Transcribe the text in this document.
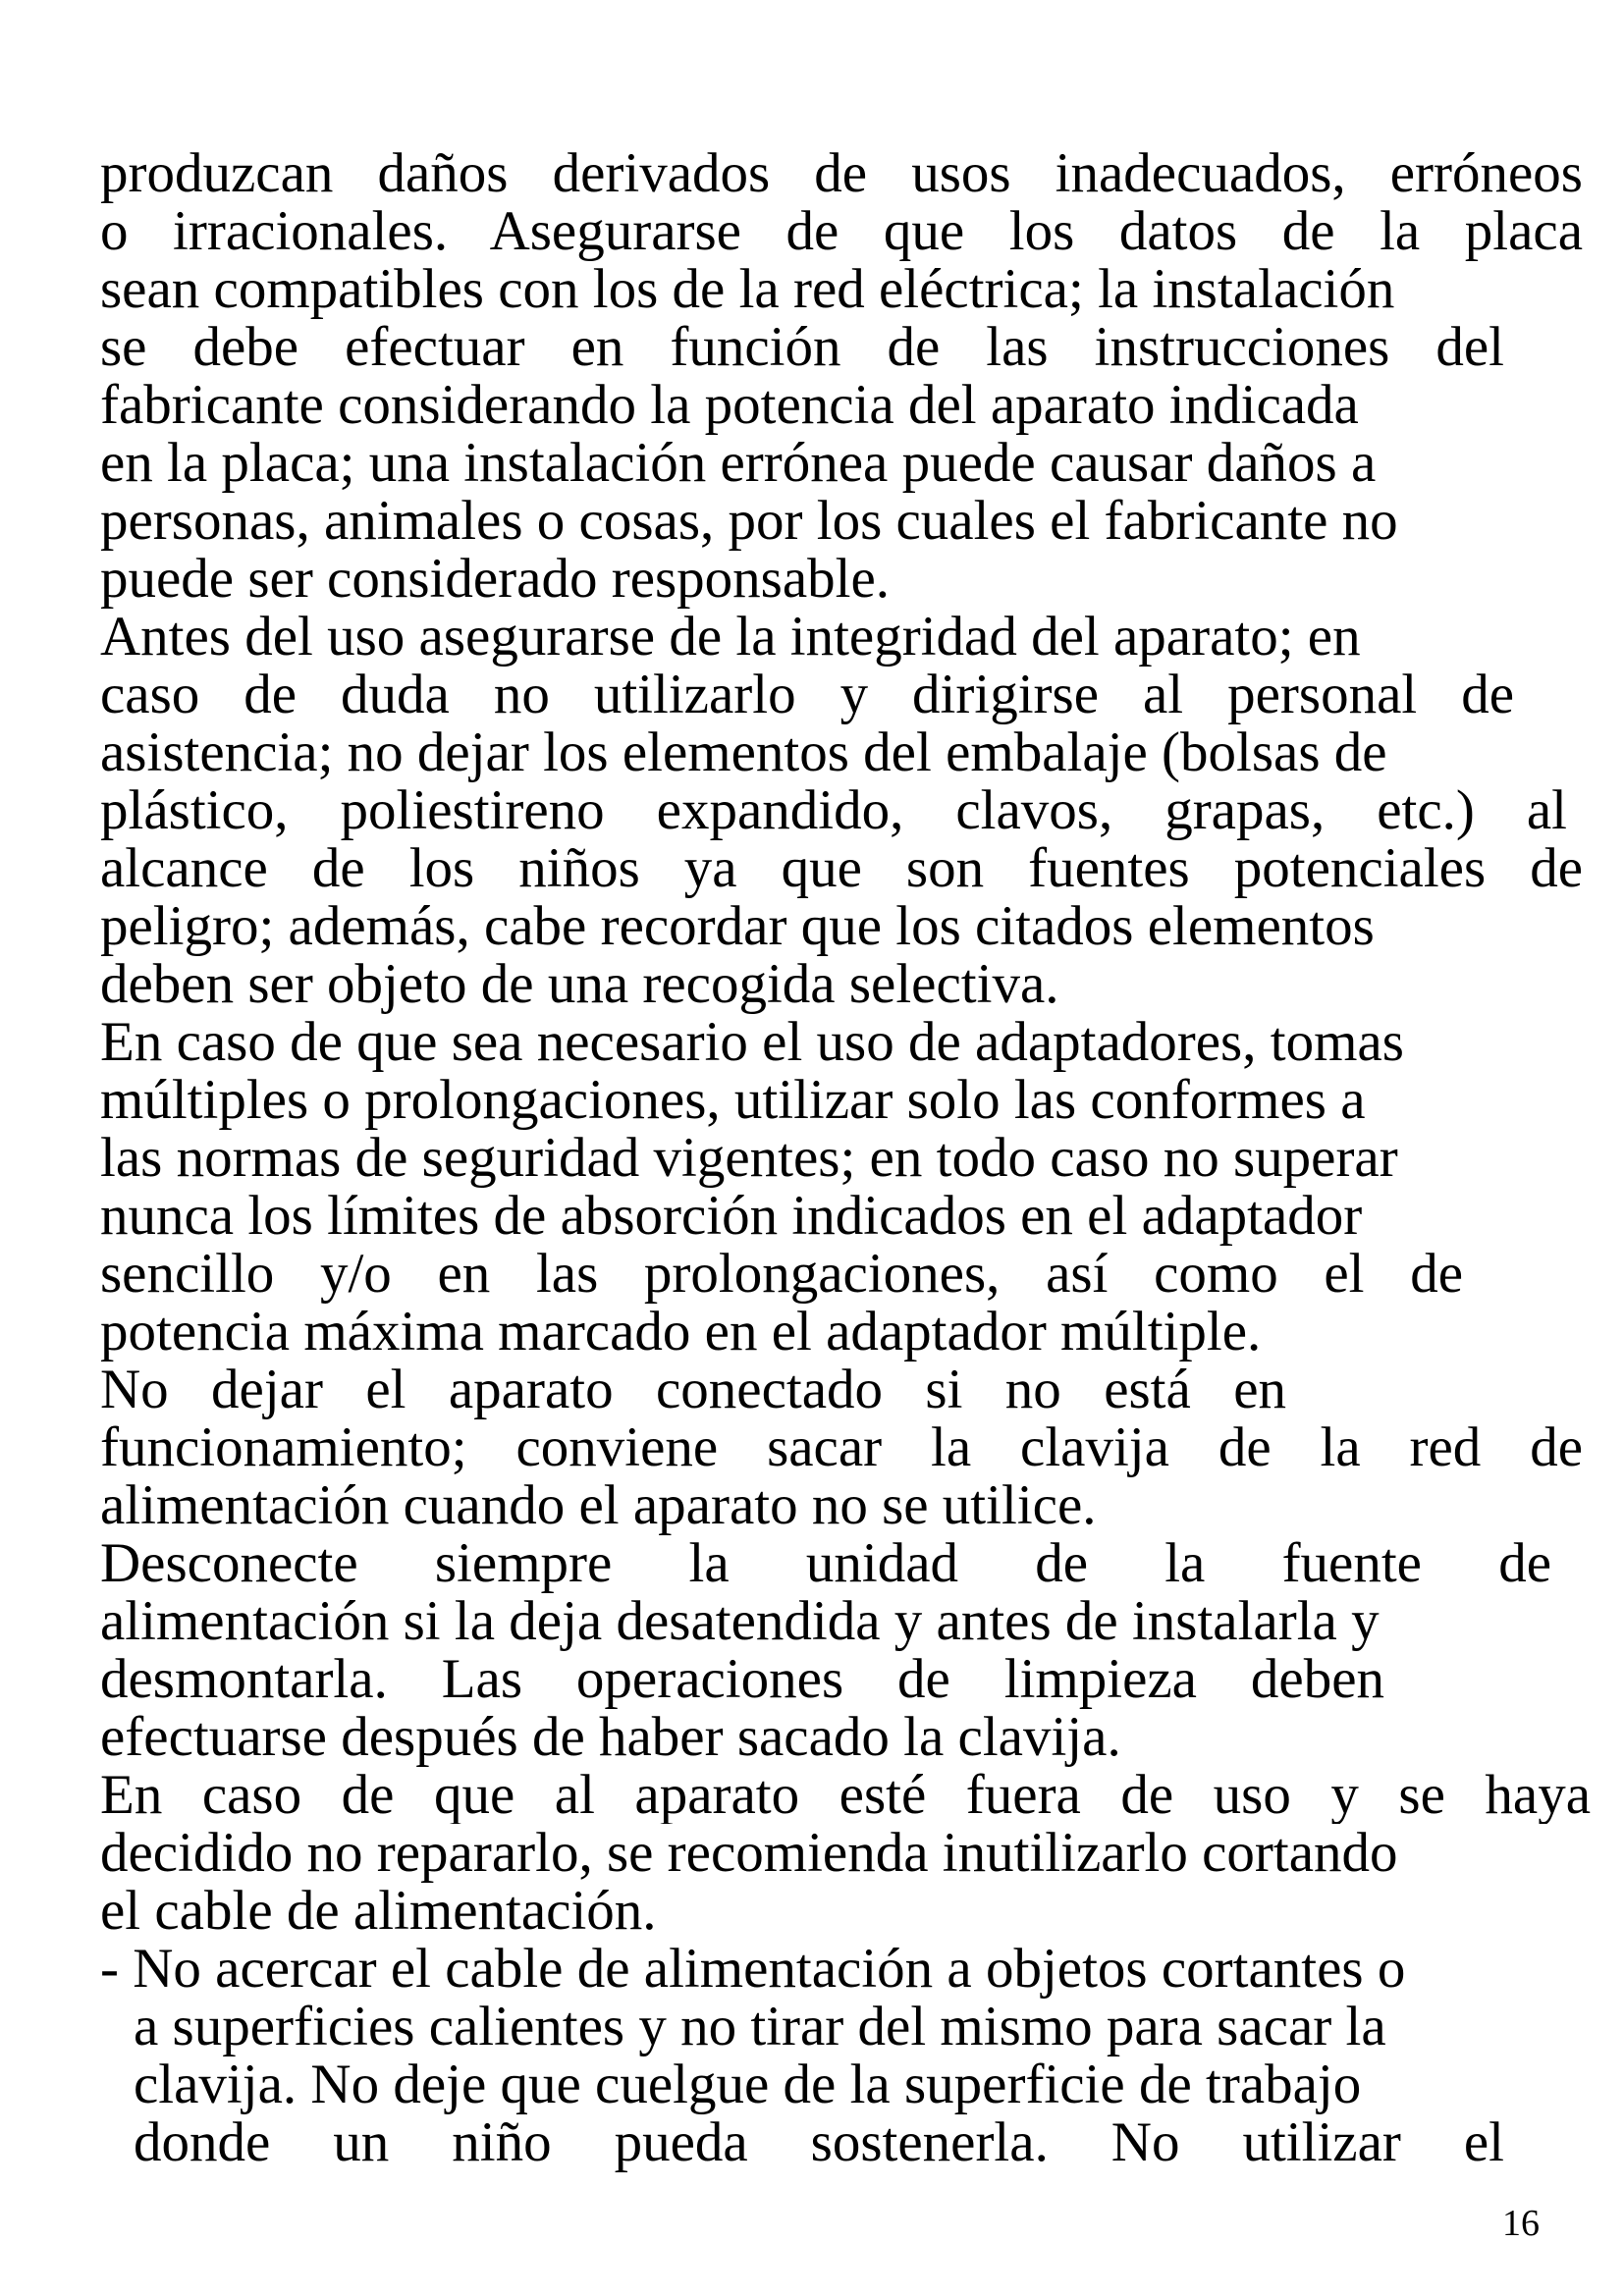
produzcan daños derivados de usos inadecuados, erróneos
o irracionales. Asegurarse de que los datos de la placa
sean compatibles con los de la red eléctrica; la instalación
se debe efectuar en función de las instrucciones del
fabricante considerando la potencia del aparato indicada
en la placa; una instalación errónea puede causar daños a
personas, animales o cosas, por los cuales el fabricante no
puede ser considerado responsable.
Antes del uso asegurarse de la integridad del aparato; en
caso de duda no utilizarlo y dirigirse al personal de
asistencia; no dejar los elementos del embalaje (bolsas de
plástico, poliestireno expandido, clavos, grapas, etc.) al
alcance de los niños ya que son fuentes potenciales de
peligro; además, cabe recordar que los citados elementos
deben ser objeto de una recogida selectiva.
En caso de que sea necesario el uso de adaptadores, tomas
múltiples o prolongaciones, utilizar solo las conformes a
las normas de seguridad vigentes; en todo caso no superar
nunca los límites de absorción indicados en el adaptador
sencillo y/o en las prolongaciones, así como el de
potencia máxima marcado en el adaptador múltiple.
No dejar el aparato conectado si no está en
funcionamiento; conviene sacar la clavija de la red de
alimentación cuando el aparato no se utilice.
Desconecte siempre la unidad de la fuente de
alimentación si la deja desatendida y antes de instalarla y
desmontarla. Las operaciones de limpieza deben
efectuarse después de haber sacado la clavija.
En caso de que al aparato esté fuera de uso y se haya
decidido no repararlo, se recomienda inutilizarlo cortando
el cable de alimentación.
- No acercar el cable de alimentación a objetos cortantes o
a superficies calientes y no tirar del mismo para sacar la
clavija. No deje que cuelgue de la superficie de trabajo
donde un niño pueda sostenerla. No utilizar el
16
